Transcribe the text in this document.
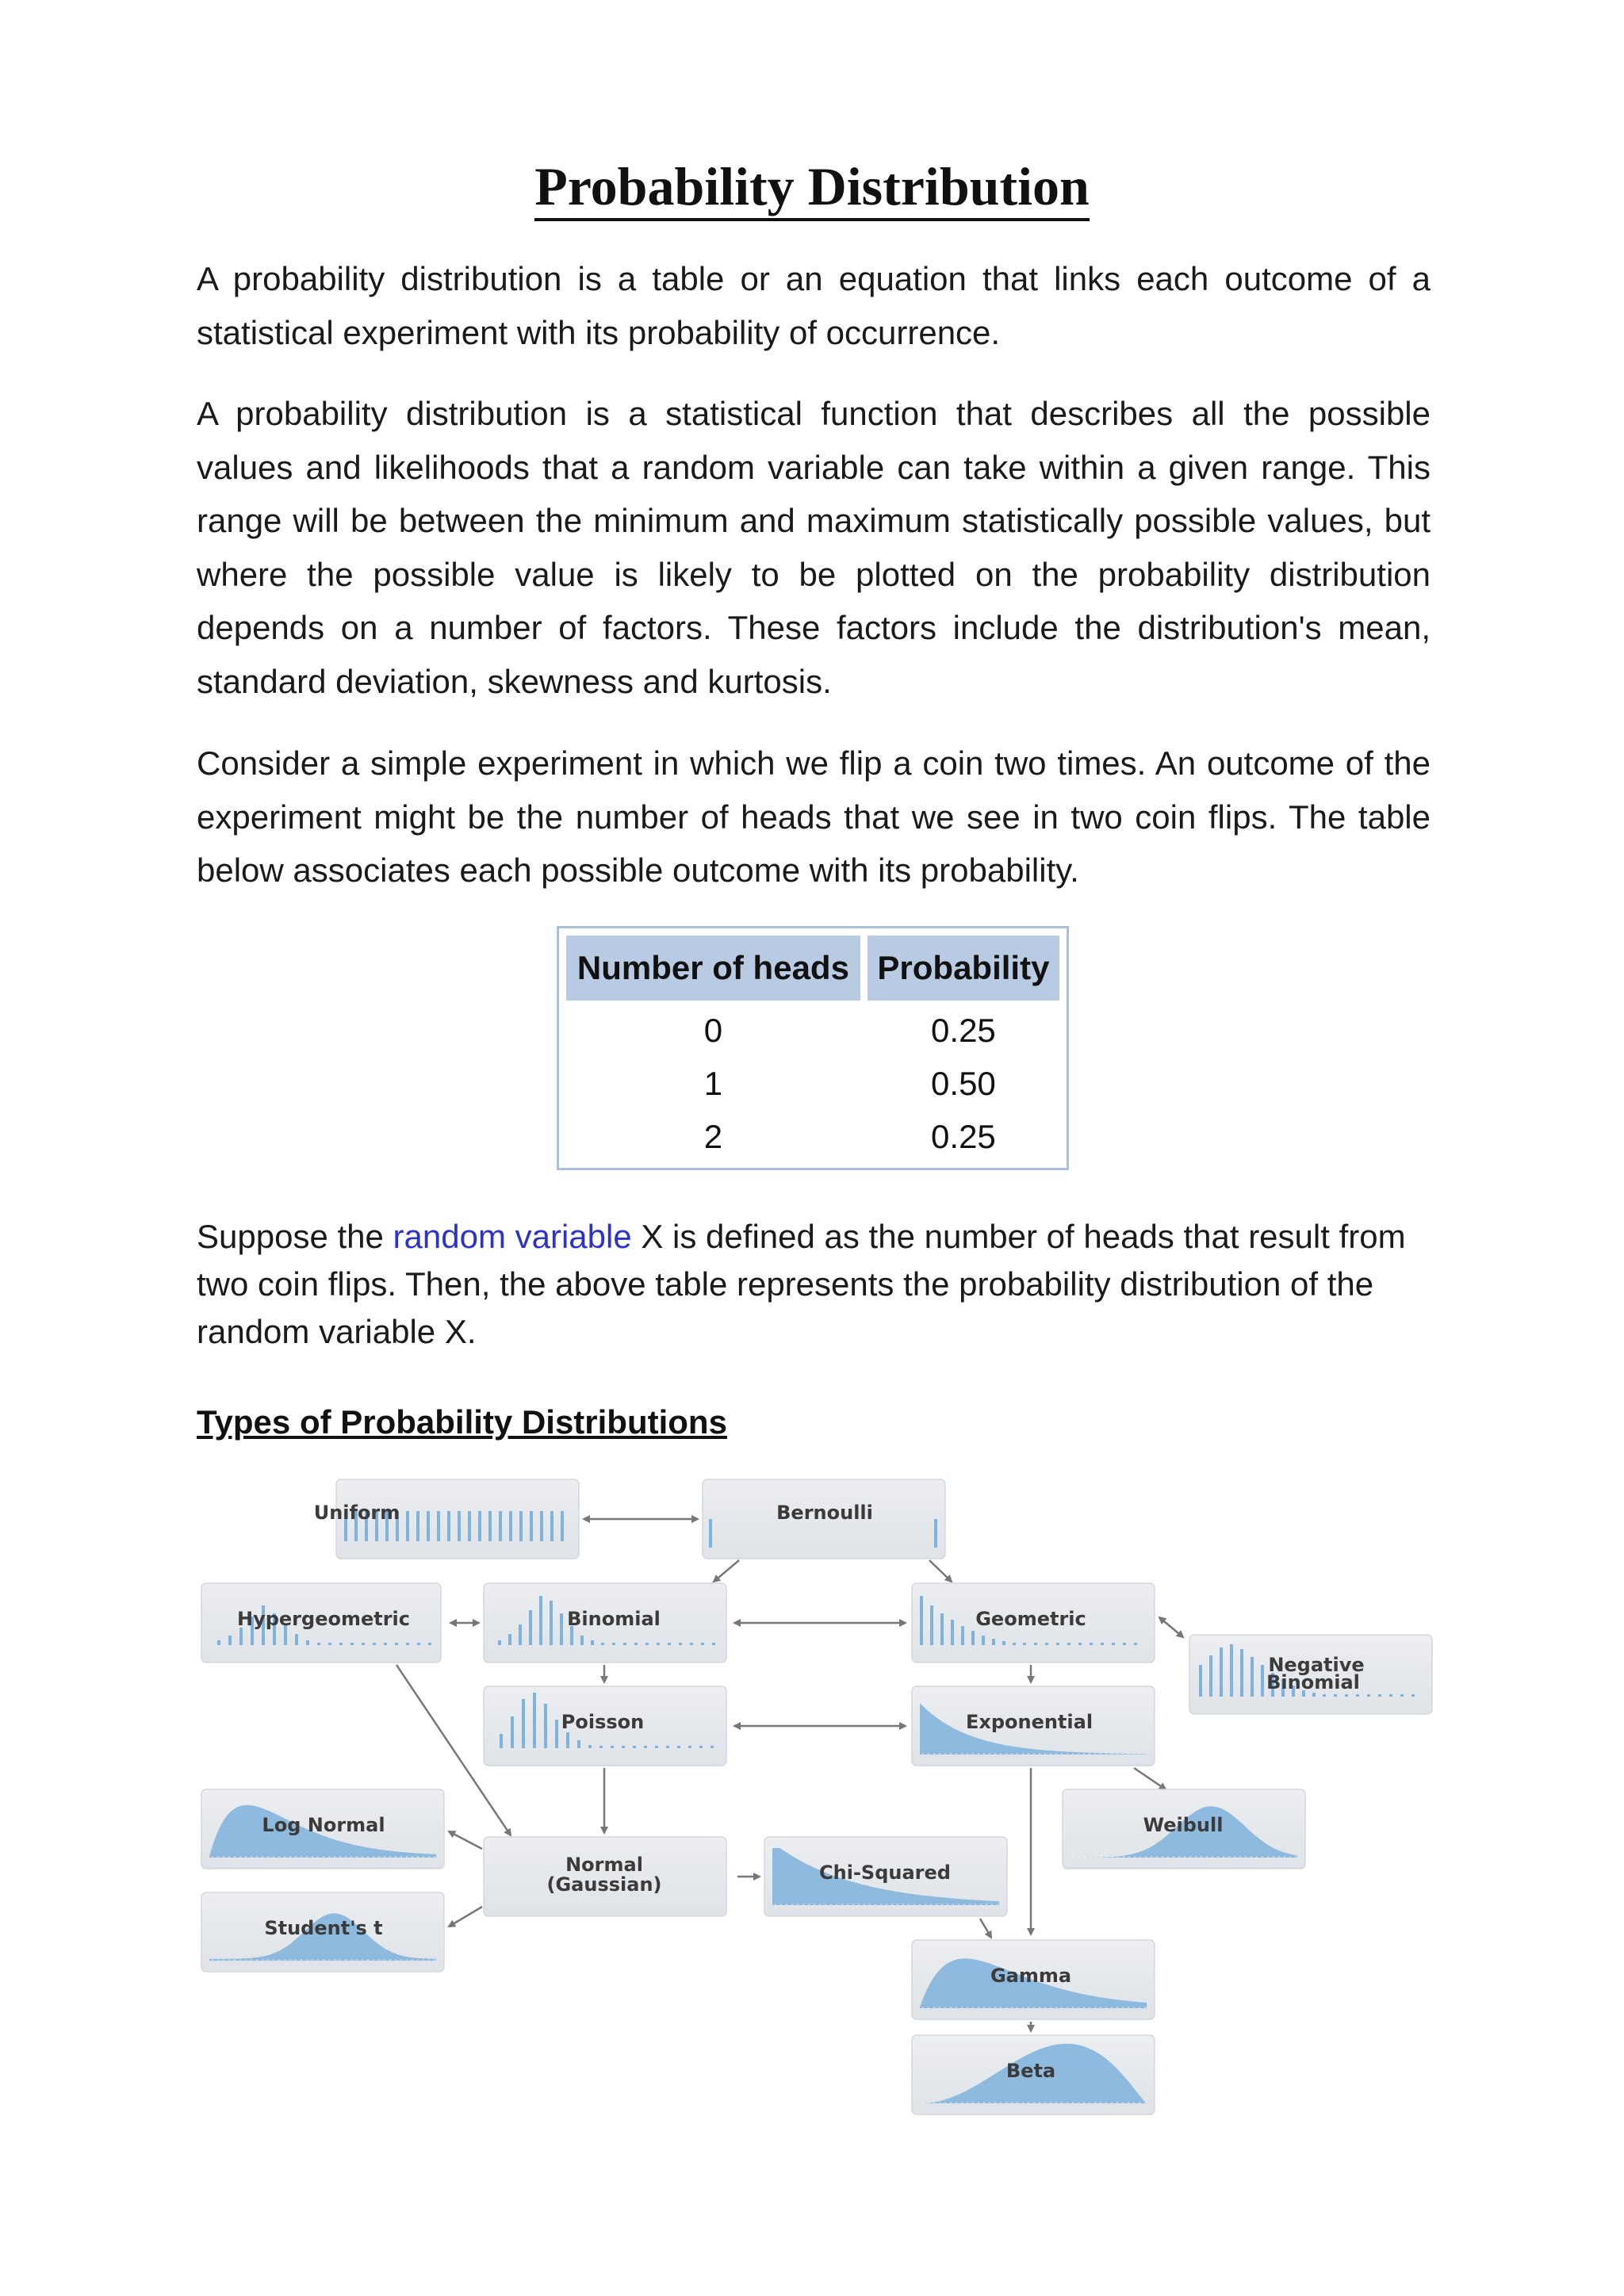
Probability Distribution

A probability distribution is a table or an equation that links each outcome of a statistical experiment with its probability of occurrence.

A probability distribution is a statistical function that describes all the possible values and likelihoods that a random variable can take within a given range. This range will be between the minimum and maximum statistically possible values, but where the possible value is likely to be plotted on the probability distribution depends on a number of factors. These factors include the distribution's mean, standard deviation, skewness and kurtosis.

Consider a simple experiment in which we flip a coin two times. An outcome of the experiment might be the number of heads that we see in two coin flips. The table below associates each possible outcome with its probability.

Number of heads	Probability
0	0.25
1	0.50
2	0.25

Suppose the random variable X is defined as the number of heads that result from two coin flips. Then, the above table represents the probability distribution of the random variable X.

Types of Probability Distributions
Uniform	Bernoulli
Hypergeometric	Binomial	Geometric
Negative
Binomial
Poisson	Exponential
Log Normal	Weibull
Normal
(Gaussian)
Chi-Squared
Student's t
Gamma
Beta
